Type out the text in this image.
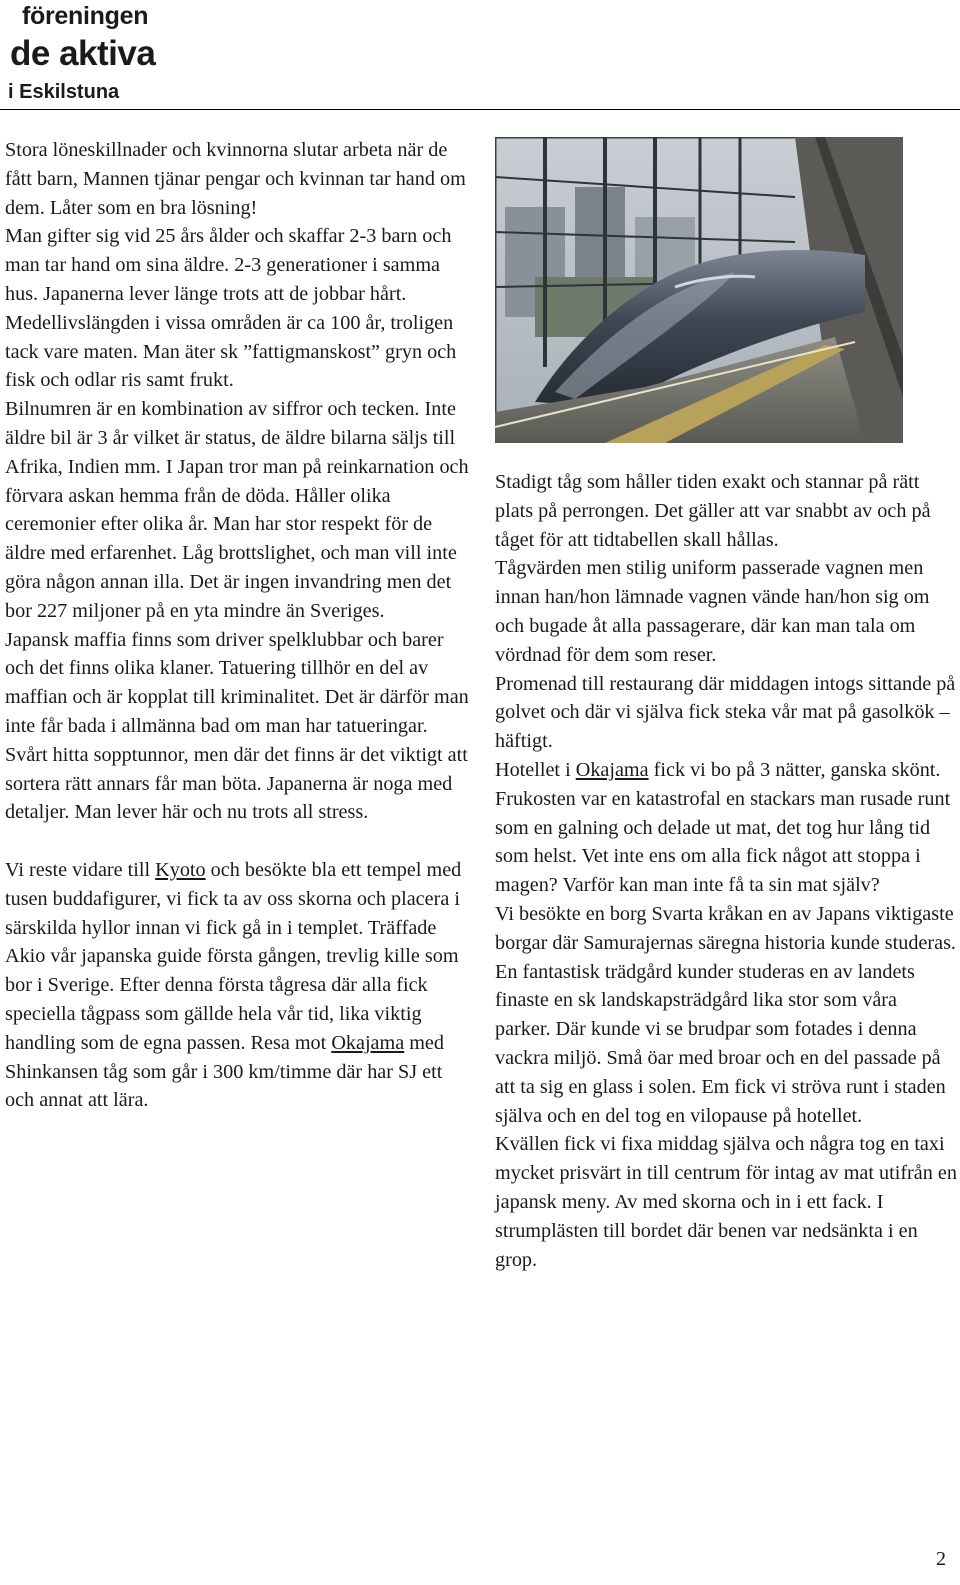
föreningen
de aktiva
i Eskilstuna

Stora löneskillnader och kvinnorna slutar arbeta när de fått barn, Mannen tjänar pengar och kvinnan tar hand om dem. Låter som en bra lösning!

Man gifter sig vid 25 års ålder och skaffar 2-3 barn och man tar hand om sina äldre. 2-3 generationer i samma hus. Japanerna lever länge trots att de jobbar hårt.

Medellivslängden i vissa områden är ca 100 år, troligen tack vare maten. Man äter sk ”fattigmanskost” gryn och fisk och odlar ris samt frukt.

Bilnumren är en kombination av siffror och tecken. Inte äldre bil är 3 år vilket är status, de äldre bilarna säljs till Afrika, Indien mm. I Japan tror man på reinkarnation och förvara askan hemma från de döda. Håller olika ceremonier efter olika år. Man har stor respekt för de äldre med erfarenhet. Låg brottslighet, och man vill inte göra någon annan illa. Det är ingen invandring men det bor 227 miljoner på en yta mindre än Sveriges.

Japansk maffia finns som driver spelklubbar och barer och det finns olika klaner. Tatuering tillhör en del av maffian och är kopplat till kriminalitet. Det är därför man inte får bada i allmänna bad om man har tatueringar.

Svårt hitta sopptunnor, men där det finns är det viktigt att sortera rätt annars får man böta. Japanerna är noga med detaljer. Man lever här och nu trots all stress.

Vi reste vidare till Kyoto och besökte bla ett tempel med tusen buddafigurer, vi fick ta av oss skorna och placera i särskilda hyllor innan vi fick gå in i templet. Träffade Akio vår japanska guide första gången, trevlig kille som bor i Sverige. Efter denna första tågresa där alla fick speciella tågpass som gällde hela vår tid, lika viktig handling som de egna passen. Resa mot Okajama med Shinkansen tåg som går i 300 km/timme där har SJ ett och annat att lära.

Stadigt tåg som håller tiden exakt och stannar på rätt plats på perrongen. Det gäller att var snabbt av och på tåget för att tidtabellen skall hållas.

Tågvärden men stilig uniform passerade vagnen men innan han/hon lämnade vagnen vände han/hon sig om och bugade åt alla passagerare, där kan man tala om vördnad för dem som reser.

Promenad till restaurang där middagen intogs sittande på golvet och där vi själva fick steka vår mat på gasolkök – häftigt.

Hotellet i Okajama fick vi bo på 3 nätter, ganska skönt. Frukosten var en katastrofal en stackars man rusade runt som en galning och delade ut mat, det tog hur lång tid som helst. Vet inte ens om alla fick något att stoppa i magen? Varför kan man inte få ta sin mat själv?

Vi besökte en borg Svarta kråkan en av Japans viktigaste borgar där Samurajernas säregna historia kunde studeras. En fantastisk trädgård kunder studeras en av landets finaste en sk landskapsträdgård lika stor som våra parker. Där kunde vi se brudpar som fotades i denna vackra miljö. Små öar med broar och en del passade på att ta sig en glass i solen. Em fick vi ströva runt i staden själva och en del tog en vilopause på hotellet.

Kvällen fick vi fixa middag själva och några tog en taxi mycket prisvärt in till centrum för intag av mat utifrån en japansk meny. Av med skorna och in i ett fack. I strumplästen till bordet där benen var nedsänkta i en grop.

2
